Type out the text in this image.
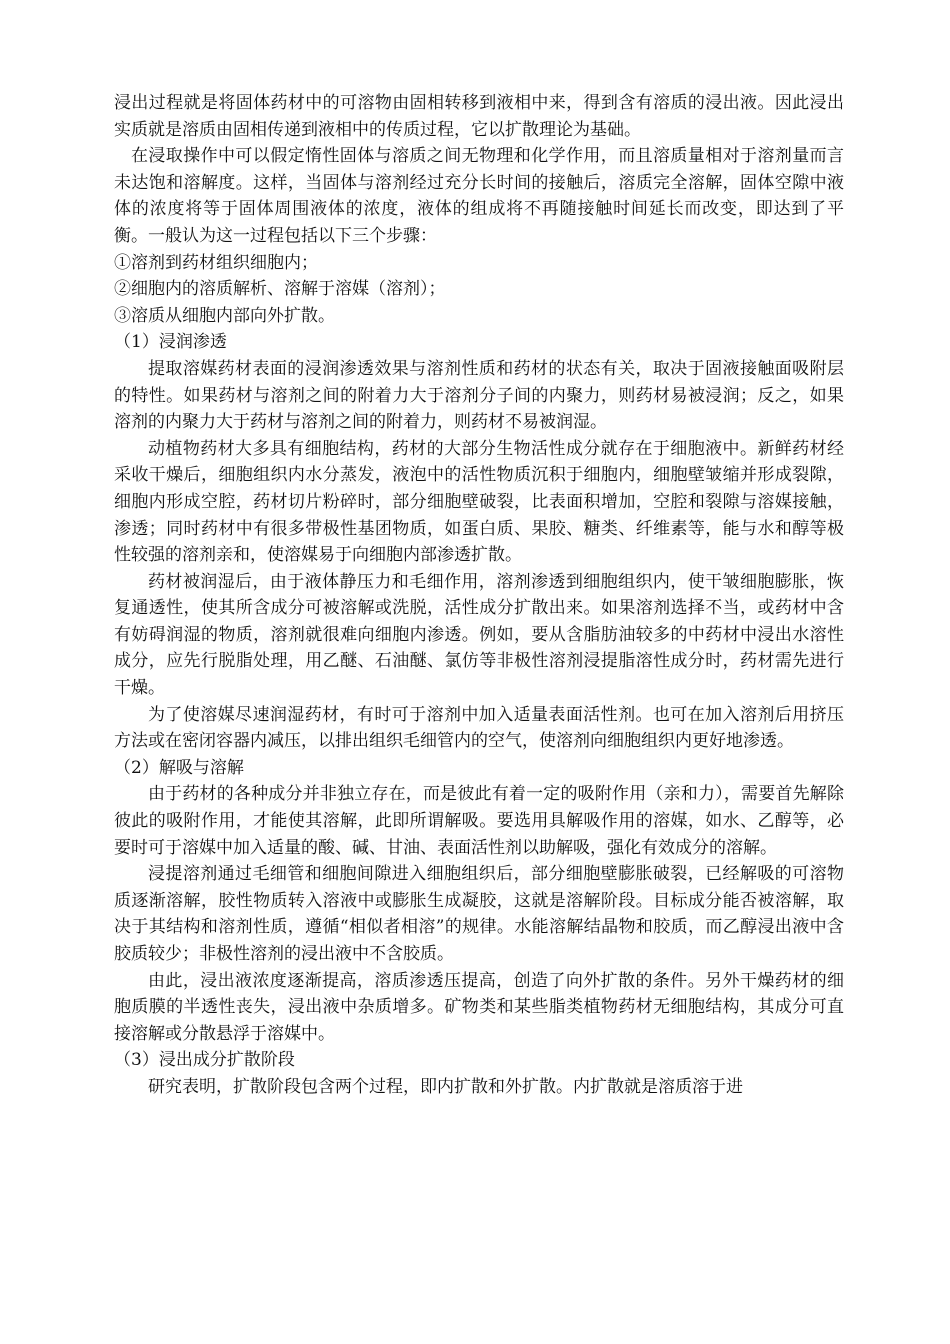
浸出过程就是将固体药材中的可溶物由固相转移到液相中来，得到含有溶质的浸出液。因此浸出实质就是溶质由固相传递到液相中的传质过程，它以扩散理论为基础。

在浸取操作中可以假定惰性固体与溶质之间无物理和化学作用，而且溶质量相对于溶剂量而言未达饱和溶解度。这样，当固体与溶剂经过充分长时间的接触后，溶质完全溶解，固体空隙中液体的浓度将等于固体周围液体的浓度，液体的组成将不再随接触时间延长而改变，即达到了平衡。一般认为这一过程包括以下三个步骤：

①溶剂到药材组织细胞内；

②细胞内的溶质解析、溶解于溶媒（溶剂）；

③溶质从细胞内部向外扩散。

（1）浸润渗透

提取溶媒药材表面的浸润渗透效果与溶剂性质和药材的状态有关，取决于固液接触面吸附层的特性。如果药材与溶剂之间的附着力大于溶剂分子间的内聚力，则药材易被浸润；反之，如果溶剂的内聚力大于药材与溶剂之间的附着力，则药材不易被润湿。

动植物药材大多具有细胞结构，药材的大部分生物活性成分就存在于细胞液中。新鲜药材经采收干燥后，细胞组织内水分蒸发，液泡中的活性物质沉积于细胞内，细胞壁皱缩并形成裂隙，细胞内形成空腔，药材切片粉碎时，部分细胞壁破裂，比表面积增加，空腔和裂隙与溶媒接触，渗透；同时药材中有很多带极性基团物质，如蛋白质、果胶、糖类、纤维素等，能与水和醇等极性较强的溶剂亲和，使溶媒易于向细胞内部渗透扩散。

药材被润湿后，由于液体静压力和毛细作用，溶剂渗透到细胞组织内，使干皱细胞膨胀，恢复通透性，使其所含成分可被溶解或洗脱，活性成分扩散出来。如果溶剂选择不当，或药材中含有妨碍润湿的物质，溶剂就很难向细胞内渗透。例如，要从含脂肪油较多的中药材中浸出水溶性成分，应先行脱脂处理，用乙醚、石油醚、氯仿等非极性溶剂浸提脂溶性成分时，药材需先进行干燥。

为了使溶媒尽速润湿药材，有时可于溶剂中加入适量表面活性剂。也可在加入溶剂后用挤压方法或在密闭容器内减压，以排出组织毛细管内的空气，使溶剂向细胞组织内更好地渗透。

（2）解吸与溶解

由于药材的各种成分并非独立存在，而是彼此有着一定的吸附作用（亲和力），需要首先解除彼此的吸附作用，才能使其溶解，此即所谓解吸。要选用具解吸作用的溶媒，如水、乙醇等，必要时可于溶媒中加入适量的酸、碱、甘油、表面活性剂以助解吸，强化有效成分的溶解。

浸提溶剂通过毛细管和细胞间隙进入细胞组织后，部分细胞壁膨胀破裂，已经解吸的可溶物质逐渐溶解，胶性物质转入溶液中或膨胀生成凝胶，这就是溶解阶段。目标成分能否被溶解，取决于其结构和溶剂性质，遵循“相似者相溶”的规律。水能溶解结晶物和胶质，而乙醇浸出液中含胶质较少；非极性溶剂的浸出液中不含胶质。

由此，浸出液浓度逐渐提高，溶质渗透压提高，创造了向外扩散的条件。另外干燥药材的细胞质膜的半透性丧失，浸出液中杂质增多。矿物类和某些脂类植物药材无细胞结构，其成分可直接溶解或分散悬浮于溶媒中。

（3）浸出成分扩散阶段

研究表明，扩散阶段包含两个过程，即内扩散和外扩散。内扩散就是溶质溶于进
